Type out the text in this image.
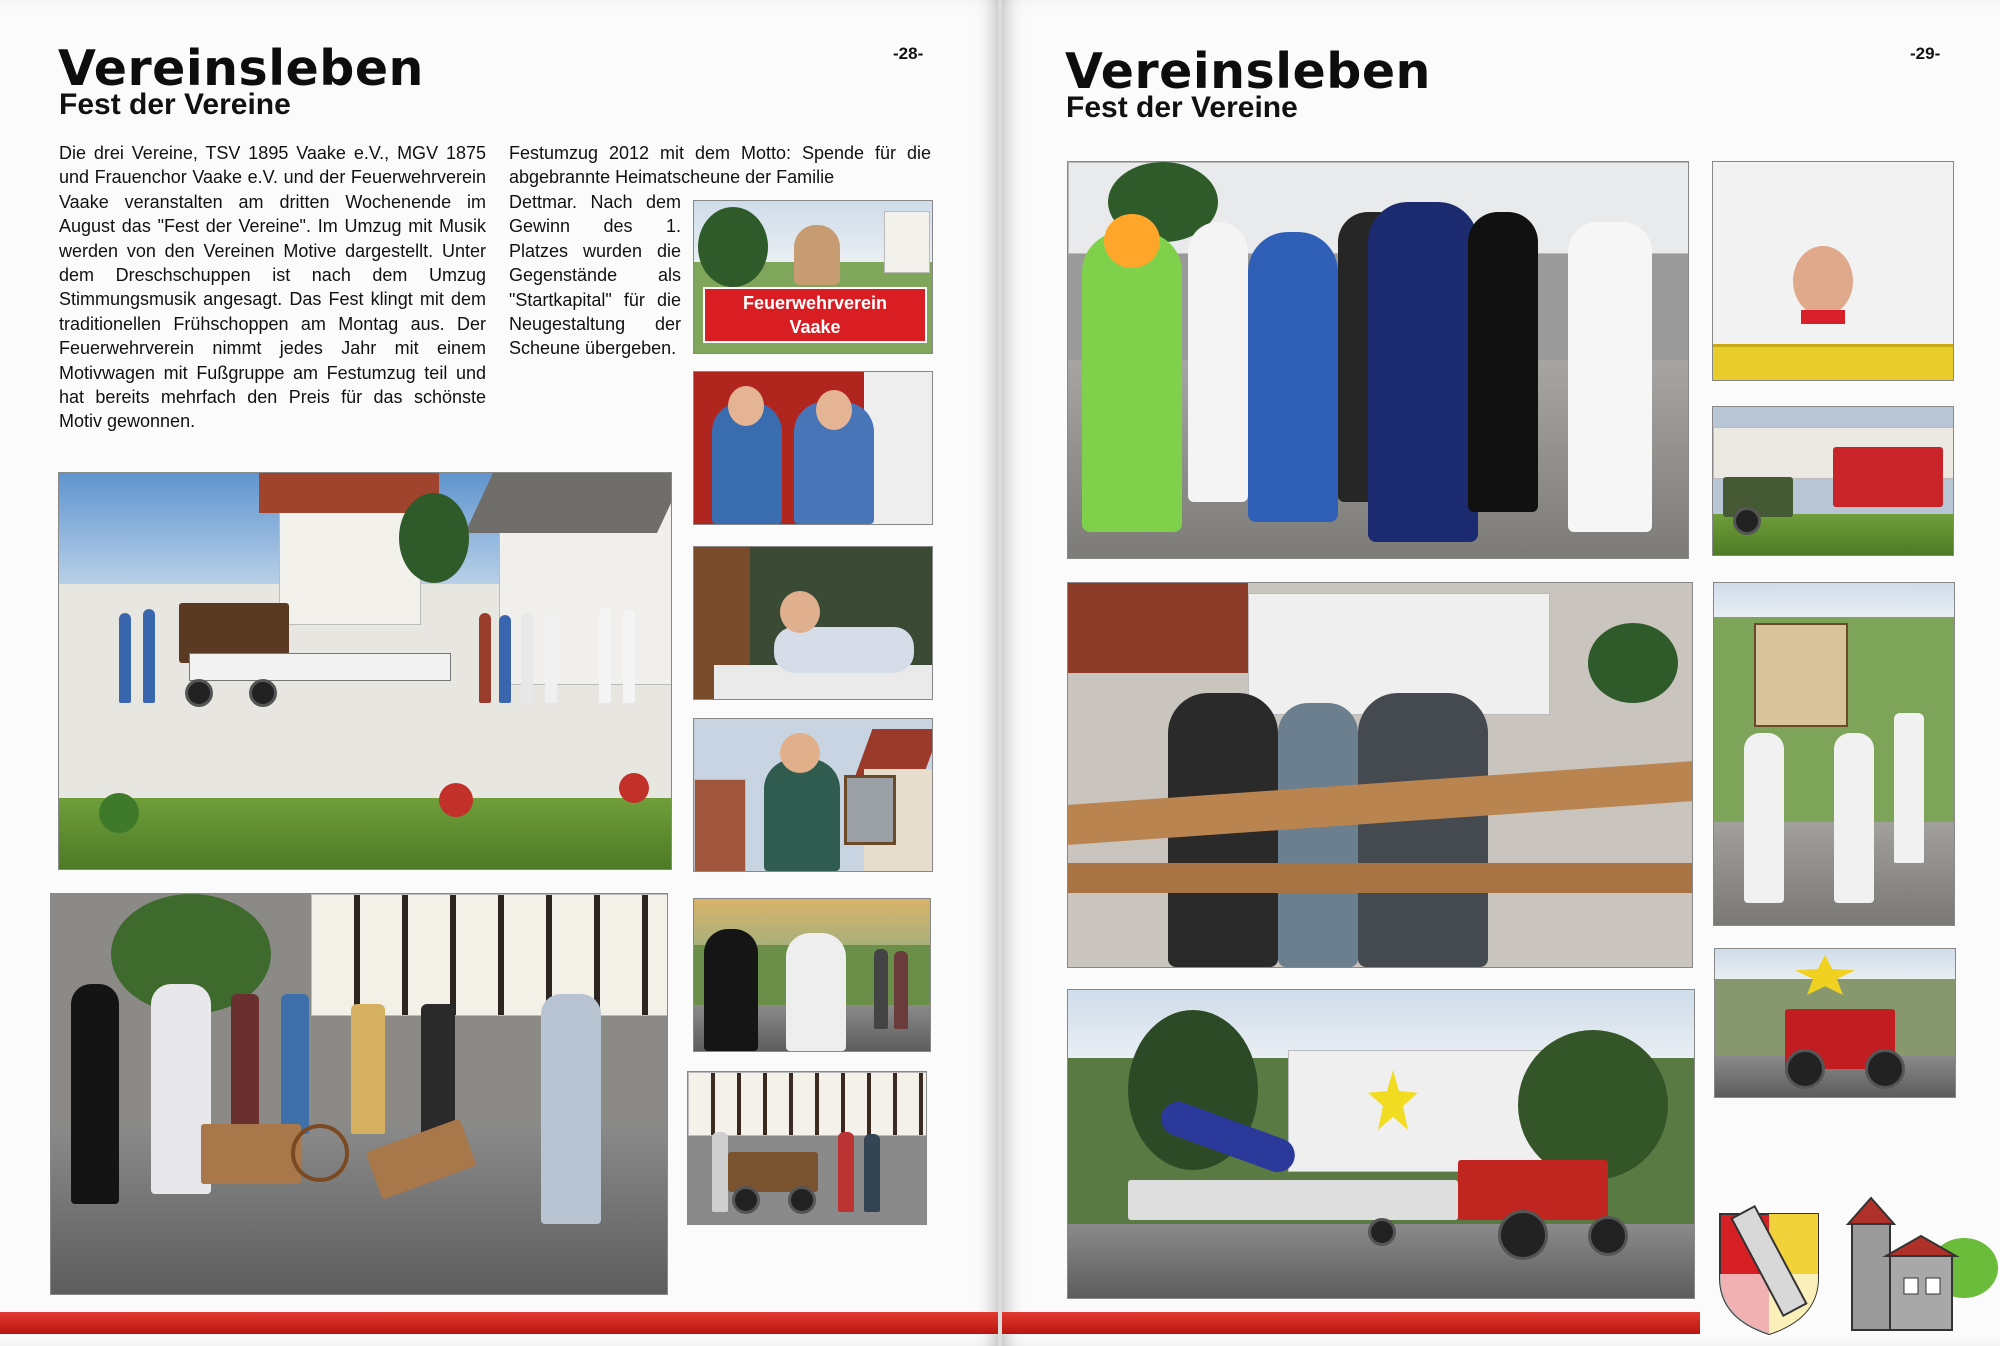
-28-
Vereinsleben
Fest der Vereine

Die drei Vereine, TSV 1895 Vaake e.V., MGV 1875 und Frauenchor Vaake e.V. und der Feuerwehrverein Vaake veranstalten am dritten Wochenende im August das "Fest der Vereine". Im Umzug mit Musik werden von den Vereinen Motive dargestellt. Unter dem Dreschschuppen ist nach dem Umzug Stimmungsmusik angesagt. Das Fest klingt mit dem traditionellen Frühschoppen am Montag aus. Der Feuerwehrverein nimmt jedes Jahr mit einem Motivwagen mit Fußgruppe am Festumzug teil und hat bereits mehrfach den Preis für das schönste Motiv gewonnen.

Festumzug 2012 mit dem Motto: Spende für die abgebrannte Heimatscheune der Familie

Dettmar. Nach dem Gewinn des 1. Platzes wurden die Gegenstände als "Startkapital" für die Neugestaltung der Scheune übergeben.

Feuerwehrverein
Vaake
-29-
Vereinsleben
Fest der Vereine
